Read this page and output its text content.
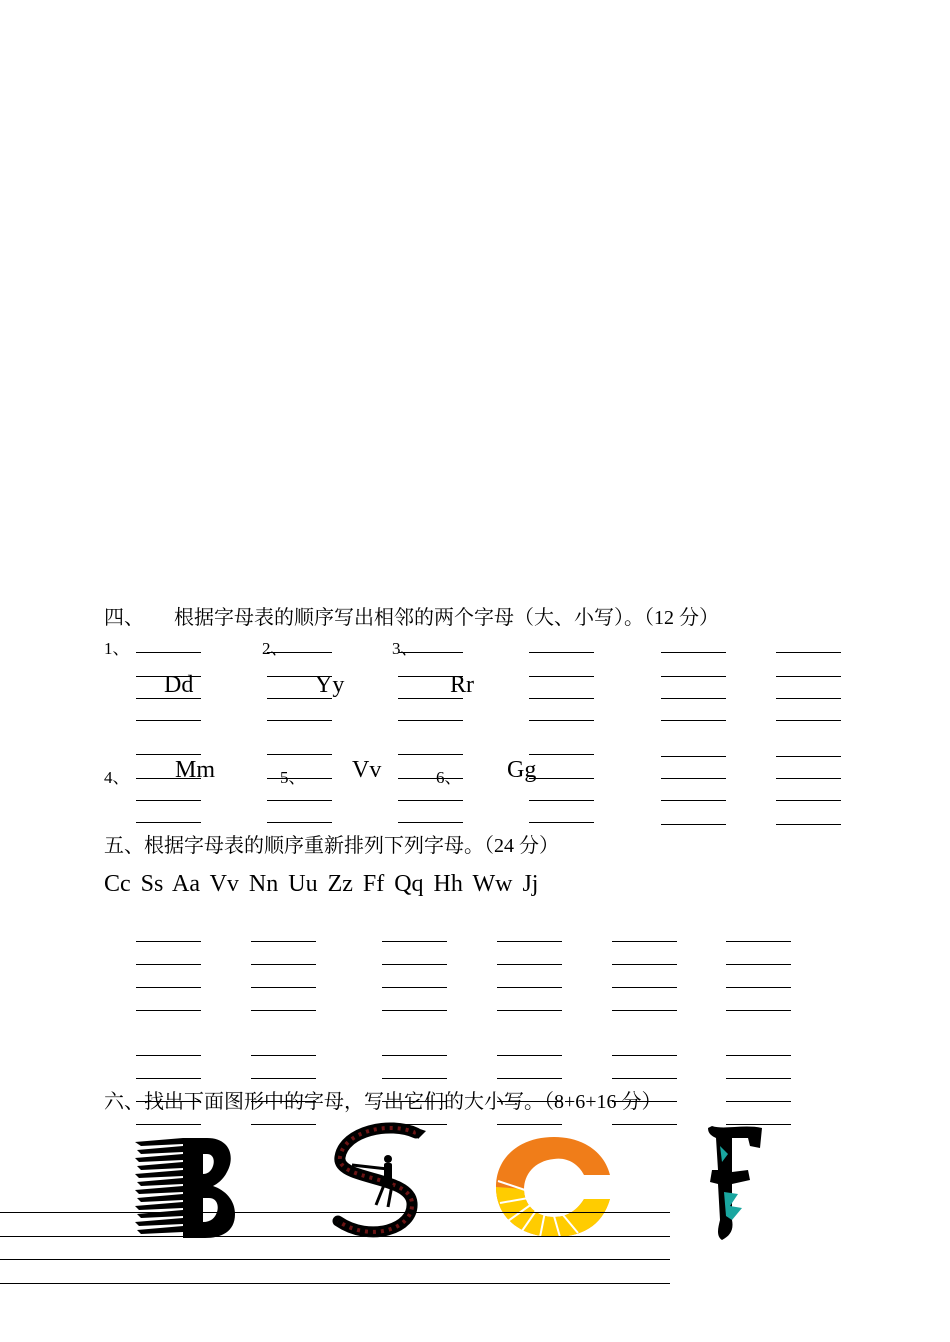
四、　　根据字母表的顺序写出相邻的两个字母（大、小写）。（12 分）
1、	2、	3、
Dd	Yy	Rr
4、 Mm	5、 Vv	6、 Gg
五、根据字母表的顺序重新排列下列字母。（24 分）
Cc Ss Aa Vv Nn Uu Zz Ff Qq Hh Ww Jj
六、找出下面图形中的字母，写出它们的大小写。（8+6+16 分）
